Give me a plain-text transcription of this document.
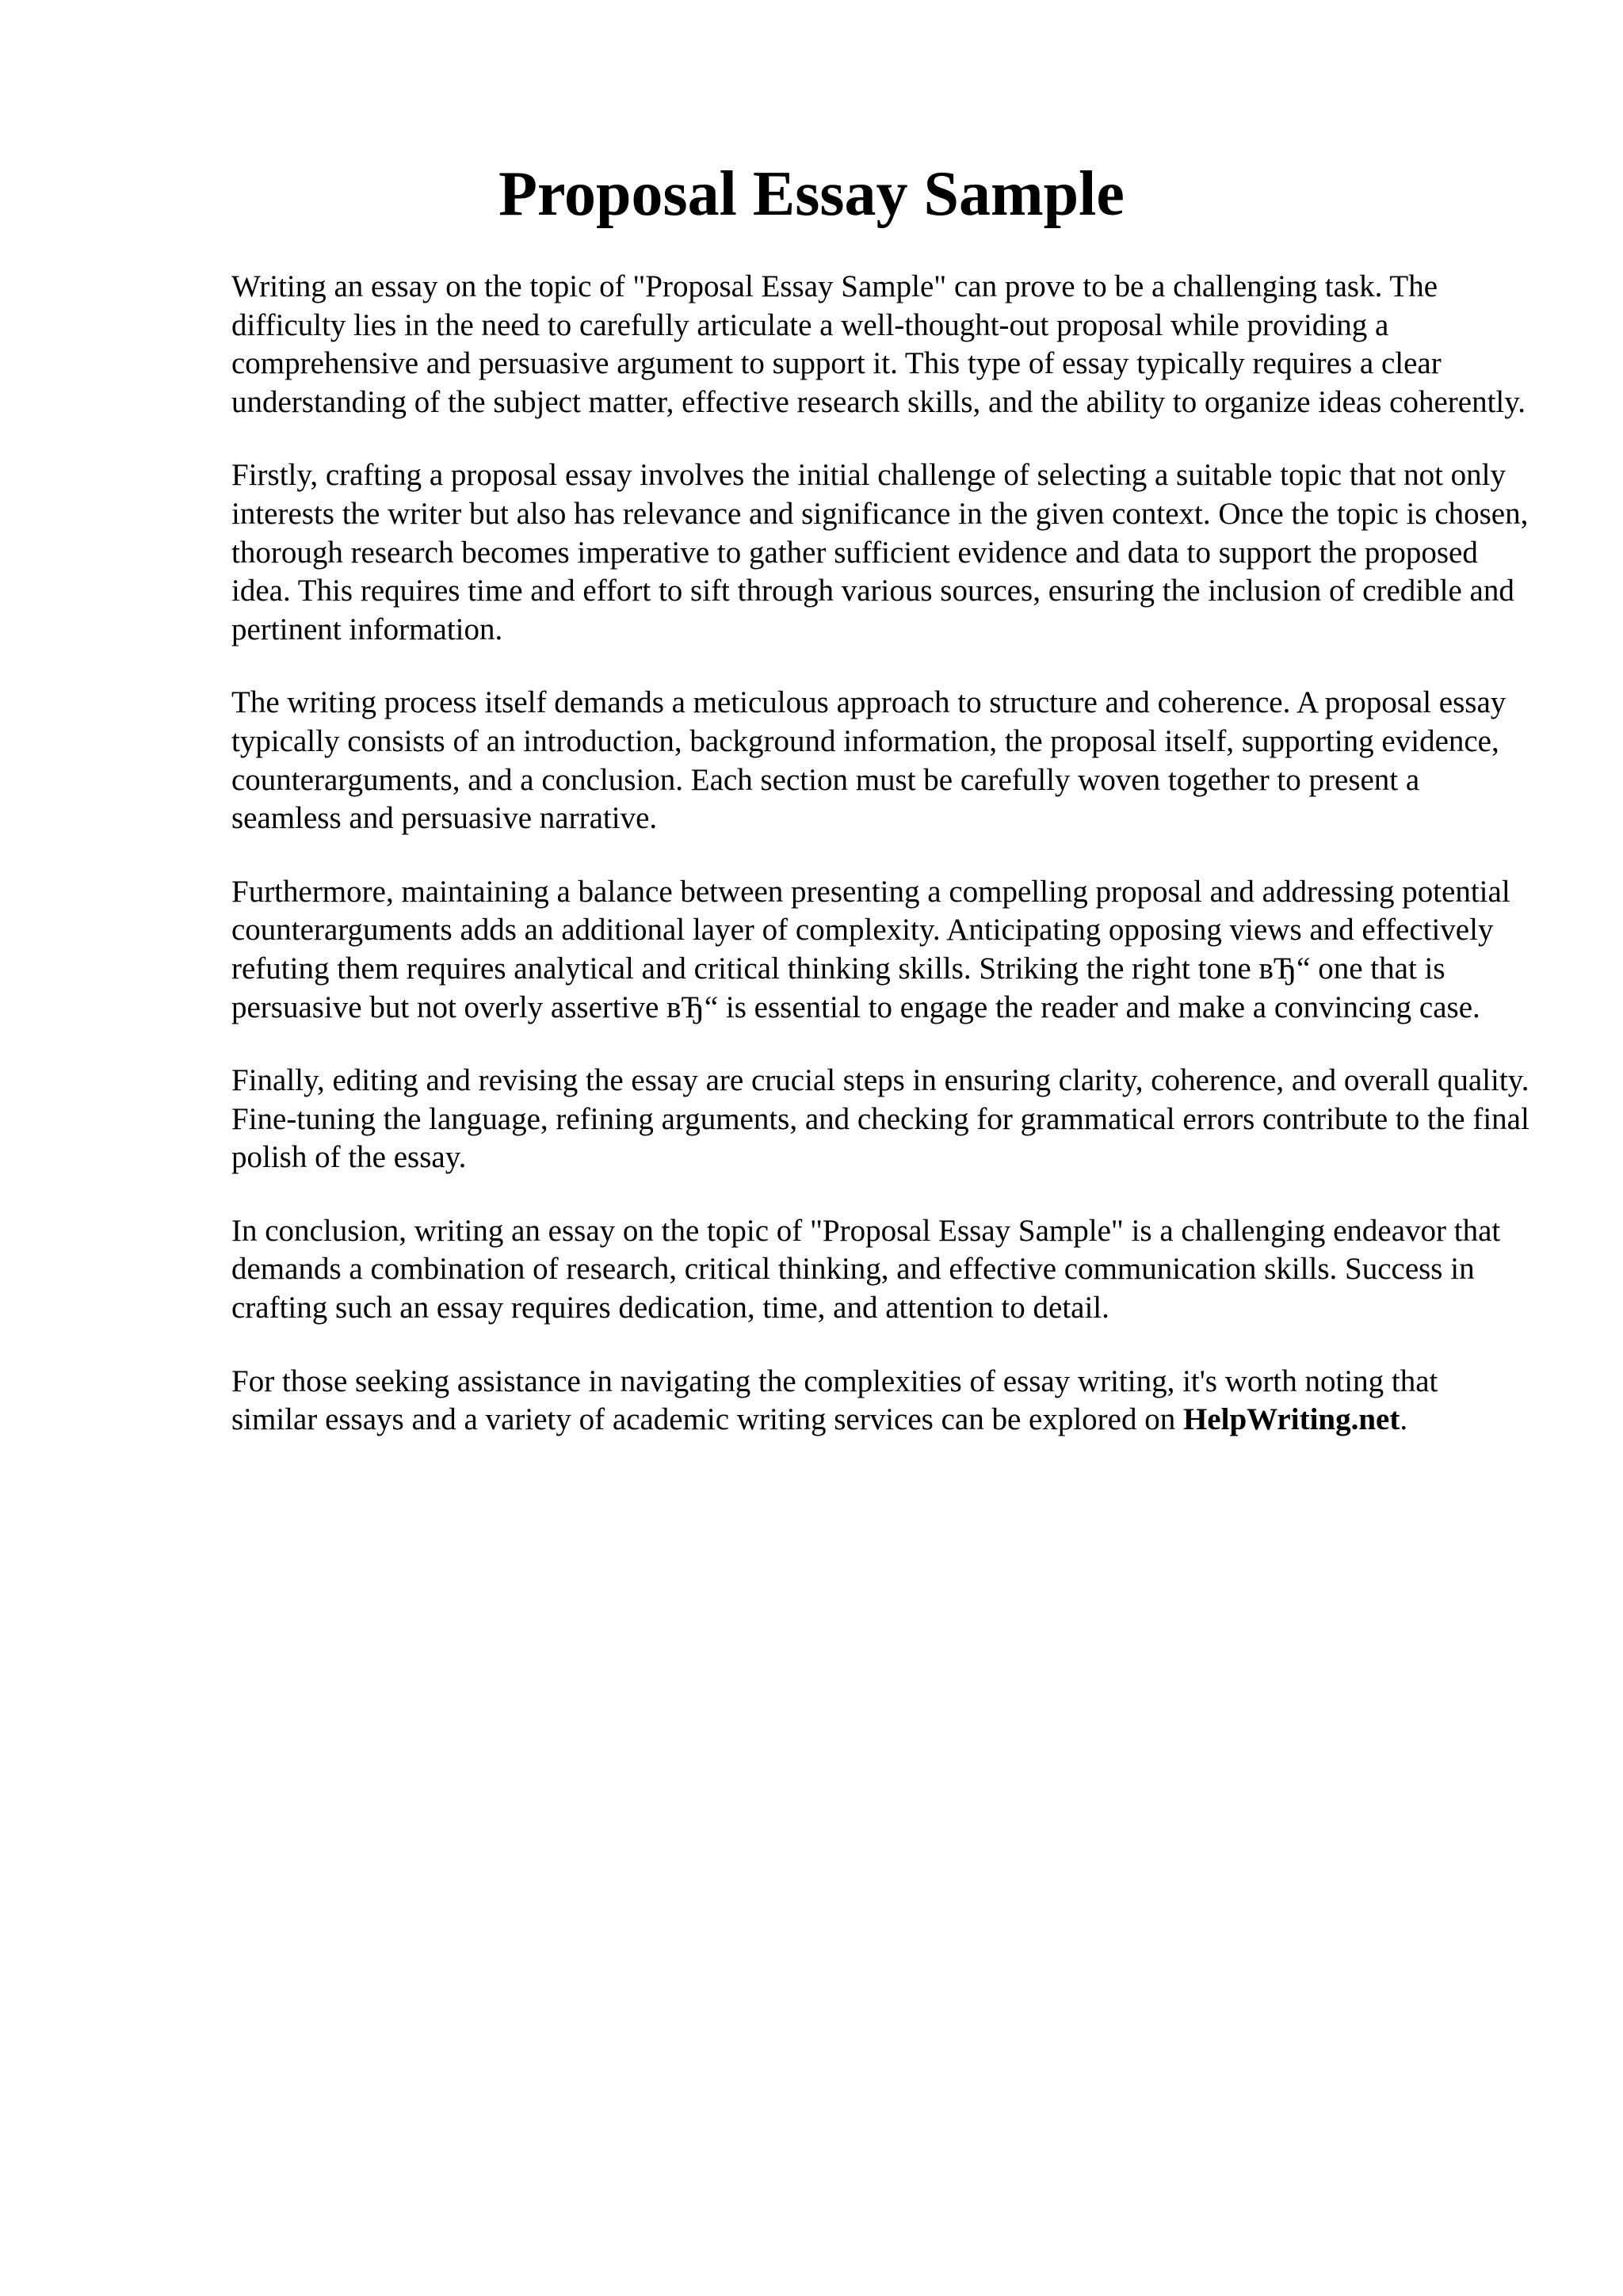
Proposal Essay Sample

Writing an essay on the topic of "Proposal Essay Sample" can prove to be a challenging task. The difficulty lies in the need to carefully articulate a well-thought-out proposal while providing a comprehensive and persuasive argument to support it. This type of essay typically requires a clear understanding of the subject matter, effective research skills, and the ability to organize ideas coherently.

Firstly, crafting a proposal essay involves the initial challenge of selecting a suitable topic that not only interests the writer but also has relevance and significance in the given context. Once the topic is chosen, thorough research becomes imperative to gather sufficient evidence and data to support the proposed idea. This requires time and effort to sift through various sources, ensuring the inclusion of credible and pertinent information.

The writing process itself demands a meticulous approach to structure and coherence. A proposal essay typically consists of an introduction, background information, the proposal itself, supporting evidence, counterarguments, and a conclusion. Each section must be carefully woven together to present a seamless and persuasive narrative.

Furthermore, maintaining a balance between presenting a compelling proposal and addressing potential counterarguments adds an additional layer of complexity. Anticipating opposing views and effectively refuting them requires analytical and critical thinking skills. Striking the right tone вЂ“ one that is persuasive but not overly assertive вЂ“ is essential to engage the reader and make a convincing case.

Finally, editing and revising the essay are crucial steps in ensuring clarity, coherence, and overall quality. Fine-tuning the language, refining arguments, and checking for grammatical errors contribute to the final polish of the essay.

In conclusion, writing an essay on the topic of "Proposal Essay Sample" is a challenging endeavor that demands a combination of research, critical thinking, and effective communication skills. Success in crafting such an essay requires dedication, time, and attention to detail.

For those seeking assistance in navigating the complexities of essay writing, it's worth noting that similar essays and a variety of academic writing services can be explored on HelpWriting.net.
